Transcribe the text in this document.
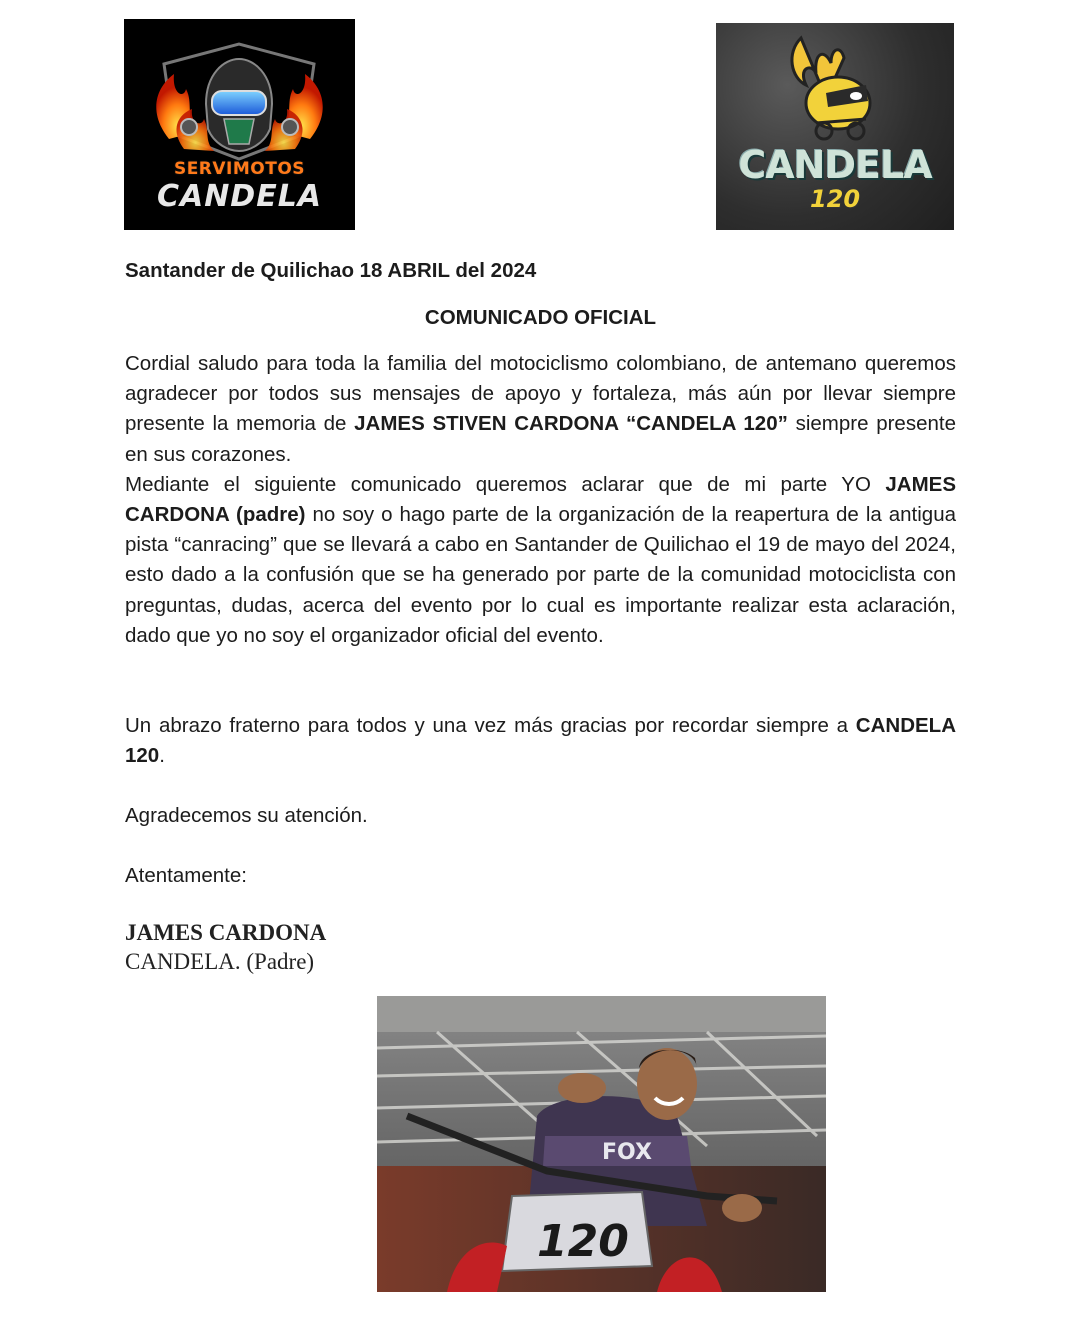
SERVIMOTOS
CANDELA
CANDELA
120
Santander de Quilichao 18 ABRIL del 2024
COMUNICADO OFICIAL
Cordial saludo para toda la familia del motociclismo colombiano, de antemano queremos agradecer por todos sus mensajes de apoyo y fortaleza, más aún por llevar siempre presente la memoria de JAMES STIVEN CARDONA “CANDELA 120” siempre presente en sus corazones.
Mediante el siguiente comunicado queremos aclarar que de mi parte YO JAMES CARDONA (padre) no soy o hago parte de la organización de la reapertura de la antigua pista “canracing” que se llevará a cabo en Santander de Quilichao el 19 de mayo del 2024, esto dado a la confusión que se ha generado por parte de la comunidad motociclista con preguntas, dudas, acerca del evento por lo cual es importante realizar esta aclaración, dado que yo no soy el organizador oficial del evento.
Un abrazo fraterno para todos y una vez más gracias por recordar siempre a CANDELA 120.
Agradecemos su atención.
Atentamente:
JAMES CARDONA
CANDELA. (Padre)
FOX
120
